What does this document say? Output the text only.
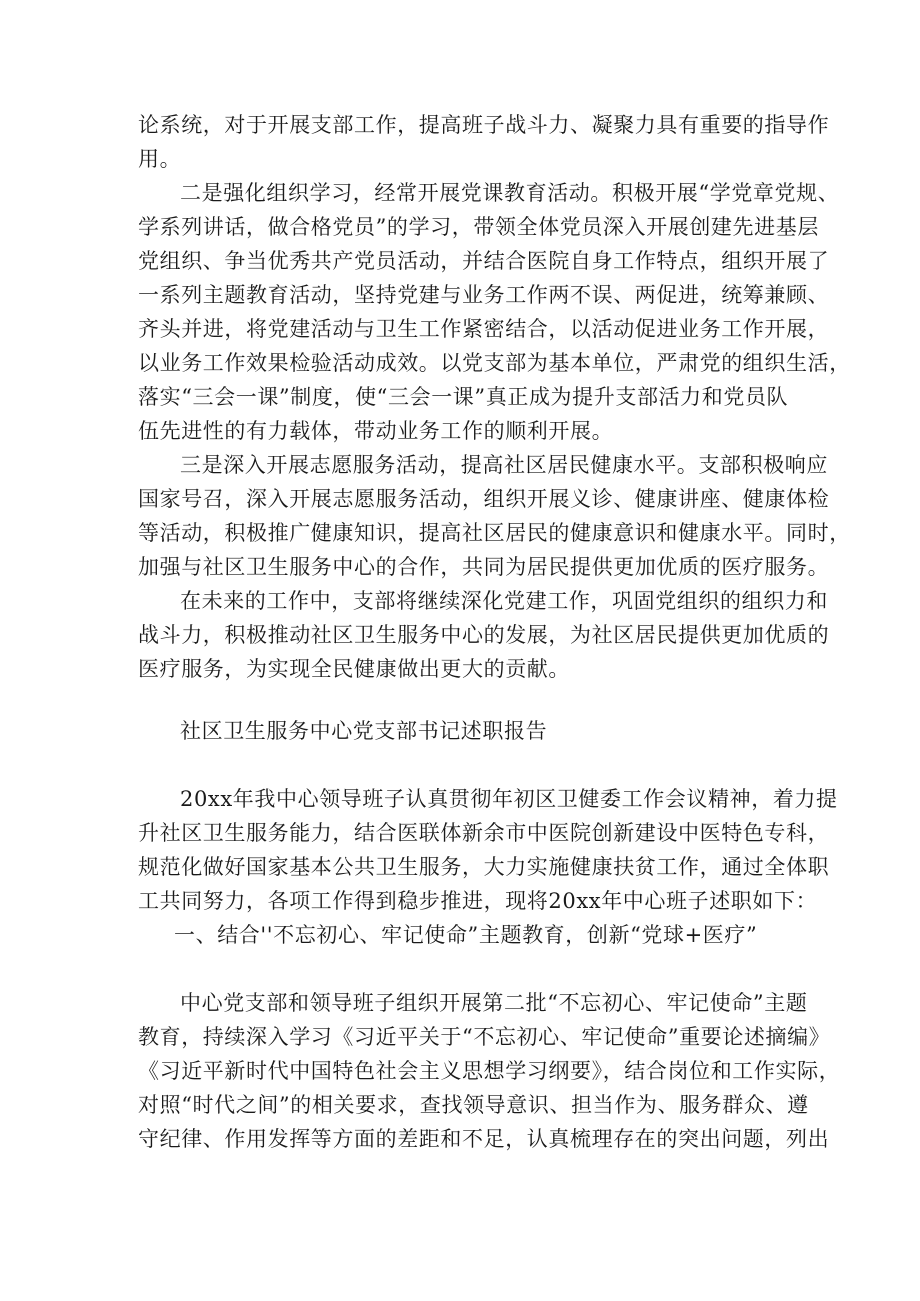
论系统，对于开展支部工作，提高班子战斗力、凝聚力具有重要的指导作
用。
二是强化组织学习，经常开展党课教育活动。积极开展“学党章党规、
学系列讲话，做合格党员”的学习，带领全体党员深入开展创建先进基层
党组织、争当优秀共产党员活动，并结合医院自身工作特点，组织开展了
一系列主题教育活动，坚持党建与业务工作两不误、两促进，统筹兼顾、
齐头并进，将党建活动与卫生工作紧密结合，以活动促进业务工作开展，
以业务工作效果检验活动成效。以党支部为基本单位，严肃党的组织生活，
落实“三会一课”制度，使“三会一课”真正成为提升支部活力和党员队
伍先进性的有力载体，带动业务工作的顺利开展。
三是深入开展志愿服务活动，提高社区居民健康水平。支部积极响应
国家号召，深入开展志愿服务活动，组织开展义诊、健康讲座、健康体检
等活动，积极推广健康知识，提高社区居民的健康意识和健康水平。同时，
加强与社区卫生服务中心的合作，共同为居民提供更加优质的医疗服务。
在未来的工作中，支部将继续深化党建工作，巩固党组织的组织力和
战斗力，积极推动社区卫生服务中心的发展，为社区居民提供更加优质的
医疗服务，为实现全民健康做出更大的贡献。
社区卫生服务中心党支部书记述职报告
20xx年我中心领导班子认真贯彻年初区卫健委工作会议精神，着力提
升社区卫生服务能力，结合医联体新余市中医院创新建设中医特色专科，
规范化做好国家基本公共卫生服务，大力实施健康扶贫工作，通过全体职
工共同努力，各项工作得到稳步推进，现将20xx年中心班子述职如下：
一、结合''不忘初心、牢记使命”主题教育，创新“党球+医疗”
中心党支部和领导班子组织开展第二批“不忘初心、牢记使命”主题
教育，持续深入学习《习近平关于“不忘初心、牢记使命”重要论述摘编》
《习近平新时代中国特色社会主义思想学习纲要》，结合岗位和工作实际，
对照“时代之间”的相关要求，查找领导意识、担当作为、服务群众、遵
守纪律、作用发挥等方面的差距和不足，认真梳理存在的突出问题，列出
